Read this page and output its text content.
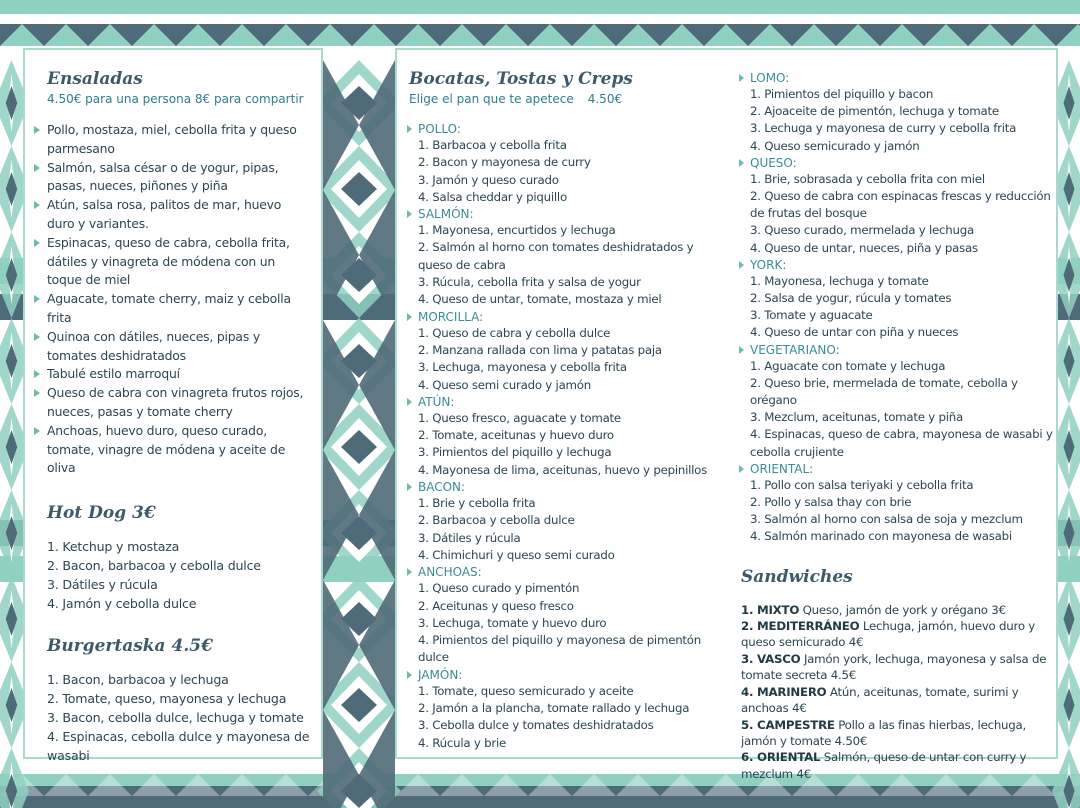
Ensaladas
4.50€ para una persona 8€ para compartir
Pollo, mostaza, miel, cebolla frita y queso parmesano
Salmón, salsa césar o de yogur, pipas, pasas, nueces, piñones y piña
Atún, salsa rosa, palitos de mar, huevo duro y variantes.
Espinacas, queso de cabra, cebolla frita, dátiles y vinagreta de módena con un toque de miel
Aguacate, tomate cherry, maiz y cebolla frita
Quinoa con dátiles, nueces, pipas y tomates deshidratados
Tabulé estilo marroquí
Queso de cabra con vinagreta frutos rojos, nueces, pasas y tomate cherry
Anchoas, huevo duro, queso curado, tomate, vinagre de módena y aceite de oliva
Hot Dog 3€
1. Ketchup y mostaza
2. Bacon, barbacoa y cebolla dulce
3. Dátiles y rúcula
4. Jamón y cebolla dulce
Burgertaska 4.5€
1. Bacon, barbacoa y lechuga
2. Tomate, queso, mayonesa y lechuga
3. Bacon, cebolla dulce, lechuga y tomate
4. Espinacas, cebolla dulce y mayonesa de wasabi
Bocatas, Tostas y Creps
Elige el pan que te apetece 4.50€
POLLO:
1. Barbacoa y cebolla frita
2. Bacon y mayonesa de curry
3. Jamón y queso curado
4. Salsa cheddar y piquillo
SALMÓN:
1. Mayonesa, encurtidos y lechuga
2. Salmón al horno con tomates deshidratados y queso de cabra
3. Rúcula, cebolla frita y salsa de yogur
4. Queso de untar, tomate, mostaza y miel
MORCILLA:
1. Queso de cabra y cebolla dulce
2. Manzana rallada con lima y patatas paja
3. Lechuga, mayonesa y cebolla frita
4. Queso semi curado y jamón
ATÚN:
1. Queso fresco, aguacate y tomate
2. Tomate, aceitunas y huevo duro
3. Pimientos del piquillo y lechuga
4. Mayonesa de lima, aceitunas, huevo y pepinillos
BACON:
1. Brie y cebolla frita
2. Barbacoa y cebolla dulce
3. Dátiles y rúcula
4. Chimichuri y queso semi curado
ANCHOAS:
1. Queso curado y pimentón
2. Aceitunas y queso fresco
3. Lechuga, tomate y huevo duro
4. Pimientos del piquillo y mayonesa de pimentón dulce
JAMÓN:
1. Tomate, queso semicurado y aceite
2. Jamón a la plancha, tomate rallado y lechuga
3. Cebolla dulce y tomates deshidratados
4. Rúcula y brie
LOMO:
1. Pimientos del piquillo y bacon
2. Ajoaceite de pimentón, lechuga y tomate
3. Lechuga y mayonesa de curry y cebolla frita
4. Queso semicurado y jamón
QUESO:
1. Brie, sobrasada y cebolla frita con miel
2. Queso de cabra con espinacas frescas y reducción de frutas del bosque
3. Queso curado, mermelada y lechuga
4. Queso de untar, nueces, piña y pasas
YORK:
1. Mayonesa, lechuga y tomate
2. Salsa de yogur, rúcula y tomates
3. Tomate y aguacate
4. Queso de untar con piña y nueces
VEGETARIANO:
1. Aguacate con tomate y lechuga
2. Queso brie, mermelada de tomate, cebolla y orégano
3. Mezclum, aceitunas, tomate y piña
4. Espinacas, queso de cabra, mayonesa de wasabi y cebolla crujiente
ORIENTAL:
1. Pollo con salsa teriyaki y cebolla frita
2. Pollo y salsa thay con brie
3. Salmón al horno con salsa de soja y mezclum
4. Salmón marinado con mayonesa de wasabi
Sandwiches
1. MIXTO Queso, jamón de york y orégano 3€
2. MEDITERRÁNEO Lechuga, jamón, huevo duro y queso semicurado 4€
3. VASCO Jamón york, lechuga, mayonesa y salsa de tomate secreta 4.5€
4. MARINERO Atún, aceitunas, tomate, surimi y anchoas 4€
5. CAMPESTRE Pollo a las finas hierbas, lechuga, jamón y tomate 4.50€
6. ORIENTAL Salmón, queso de untar con curry y mezclum 4€
